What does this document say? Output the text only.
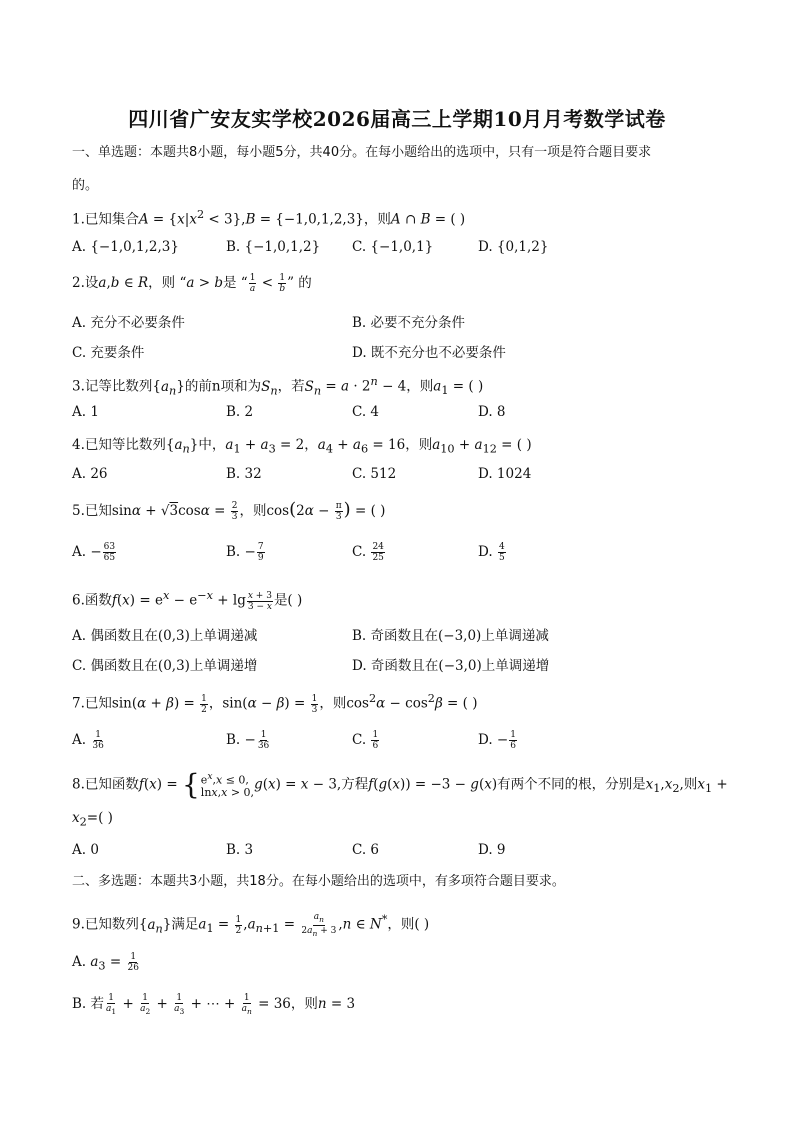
四川省广安友实学校2026届高三上学期10月月考数学试卷
一、单选题：本题共8小题，每小题5分，共40分。在每小题给出的选项中，只有一项是符合题目要求
的。
1.已知集合$A = \{x|x^2 < 3\},B = \{-1,0,1,2,3\}$，则A ∩ B = ( )
A. {−1,0,1,2,3}	B. {−1,0,1,2} C. {−1,0,1}	D. {0,1,2}
2.设a,b ∈ R，则 “a > b是 “ $\frac{1}{a} < \frac{1}{b}$ ” 的
A. 充分不必要条件	B. 必要不充分条件
C. 充要条件	D. 既不充分也不必要条件
3.记等比数列$\{a_n\}$的前n项和为$S_n$，若$S_n = a \cdot 2^n - 4$，则$a_1$ = ( )
A. 1	B. 2	C. 4	D. 8
4.已知等比数列$\{a_n\}$中，$a_1 + a_3 = 2$，$a_4 + a_6 = 16$，则$a_{10} + a_{12}$ = ( )
A. 26	B. 32	C. 512	D. 1024
5.已知$\sin\alpha + √3\cos\alpha = \frac{2}{3}$ ，则$\cos(2\alpha - \frac{\pi}{3}$ ) = ( )
A. − $\frac{63}{65}$	B. − $\frac{7}{9}$	C. $\frac{24}{25}$	D. $\frac{4}{5}$
6.函数$f(x) = e^x - e^{-x} + \lg \frac{x + 3}{3 - x}$ 是( )
A. 偶函数且在(0,3)上单调递减	B. 奇函数且在(−3,0)上单调递减
C. 偶函数且在(0,3)上单调递增	D. 奇函数且在(−3,0)上单调递增
7.已知$\sin(\alpha + \beta) = \frac{1}{2}$ ，$\sin(\alpha - \beta) = \frac{1}{3}$ ，则$\cos^2\alpha - \cos^2\beta$ = ( )
A. $\frac{1}{36}$	B. − $\frac{1}{36}$	C. $\frac{1}{6}$	D. − $\frac{1}{6}$
8.已知函数f(x) = { $e^x,x \le 0$,
lnx,x > 0, g(x) = x − 3,方程f(g(x)) = −3 − g(x)有两个不同的根，分别是$x_1,x_2$,则$x_1$ +
$x_2=$( )
A. 0	B. 3	C. 6	D. 9
二、多选题：本题共3小题，共18分。在每小题给出的选项中，有多项符合题目要求。
9.已知数列$\{a_n\}$满足$a_1 = \frac{1}{2} ,a_{n+1} = \frac{a_n}{2a_n + 3} ,n$ ∈ N*，则( )
A. $a_3 = \frac{1}{26}$
B. 若 $\frac{1}{a_1} + \frac{1}{a_2} + \frac{1}{a_3}$ + ⋯ + $\frac{1}{a_n} = 36$，则n = 3
